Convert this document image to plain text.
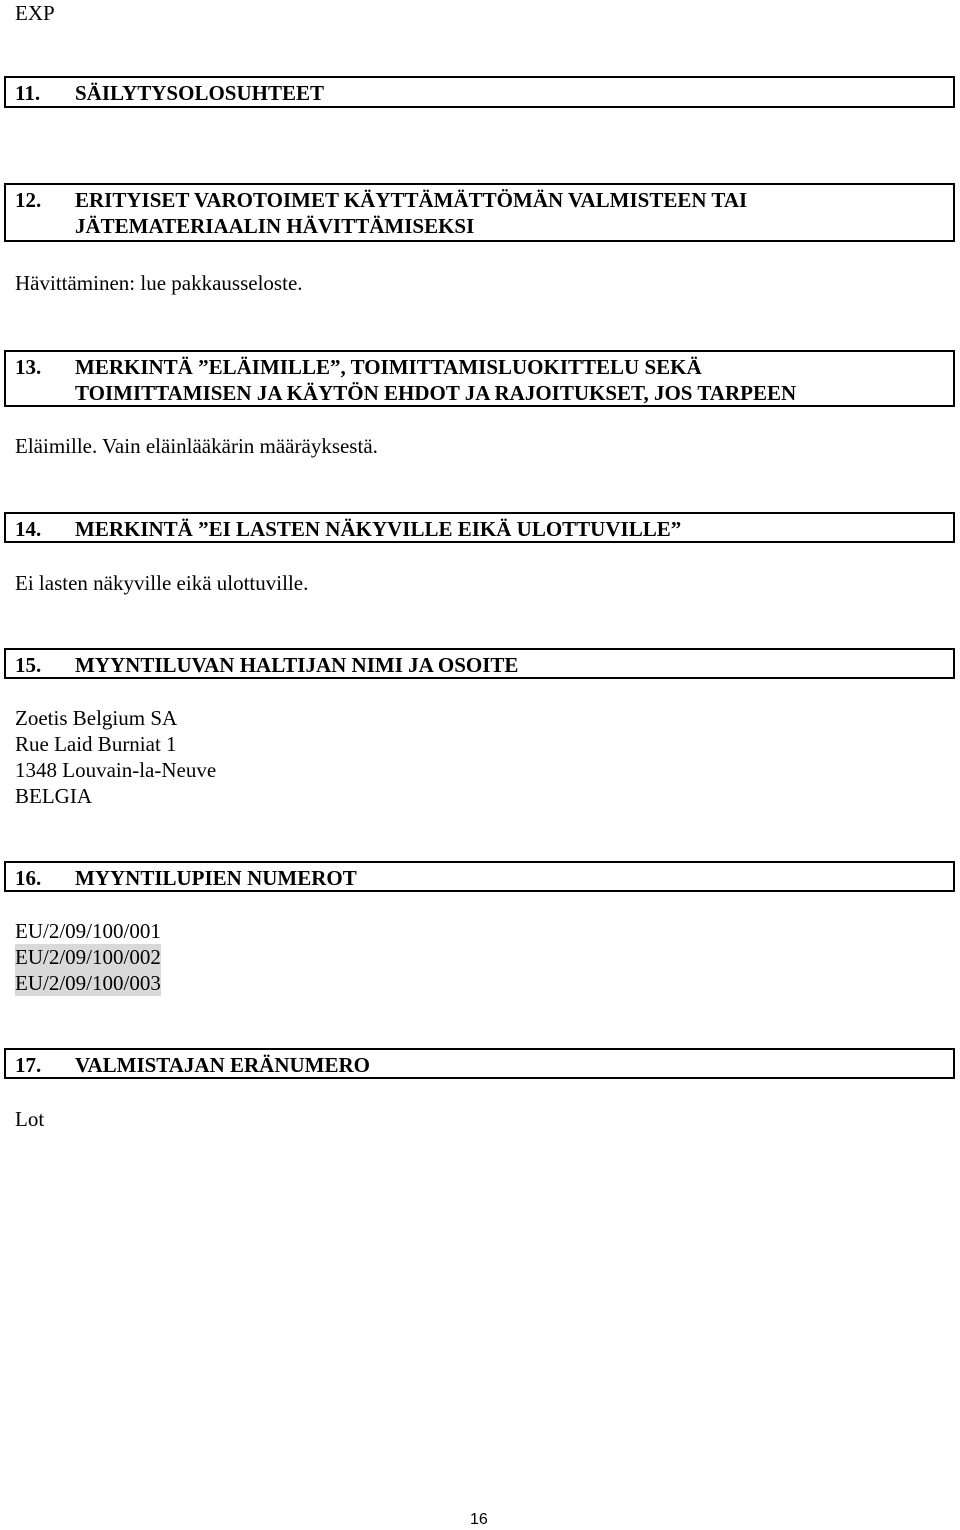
EXP
11. SÄILYTYSOLOSUHTEET
12. ERITYISET VAROTOIMET KÄYTTÄMÄTTÖMÄN VALMISTEEN TAI
JÄTEMATERIAALIN HÄVITTÄMISEKSI
Hävittäminen: lue pakkausseloste.
13. MERKINTÄ ”ELÄIMILLE”, TOIMITTAMISLUOKITTELU SEKÄ
TOIMITTAMISEN JA KÄYTÖN EHDOT JA RAJOITUKSET, JOS TARPEEN
Eläimille. Vain eläinlääkärin määräyksestä.
14. MERKINTÄ ”EI LASTEN NÄKYVILLE EIKÄ ULOTTUVILLE”
Ei lasten näkyville eikä ulottuville.
15. MYYNTILUVAN HALTIJAN NIMI JA OSOITE
Zoetis Belgium SA
Rue Laid Burniat 1
1348 Louvain-la-Neuve
BELGIA
16. MYYNTILUPIEN NUMEROT
EU/2/09/100/001
EU/2/09/100/002
EU/2/09/100/003
17. VALMISTAJAN ERÄNUMERO
Lot
16
